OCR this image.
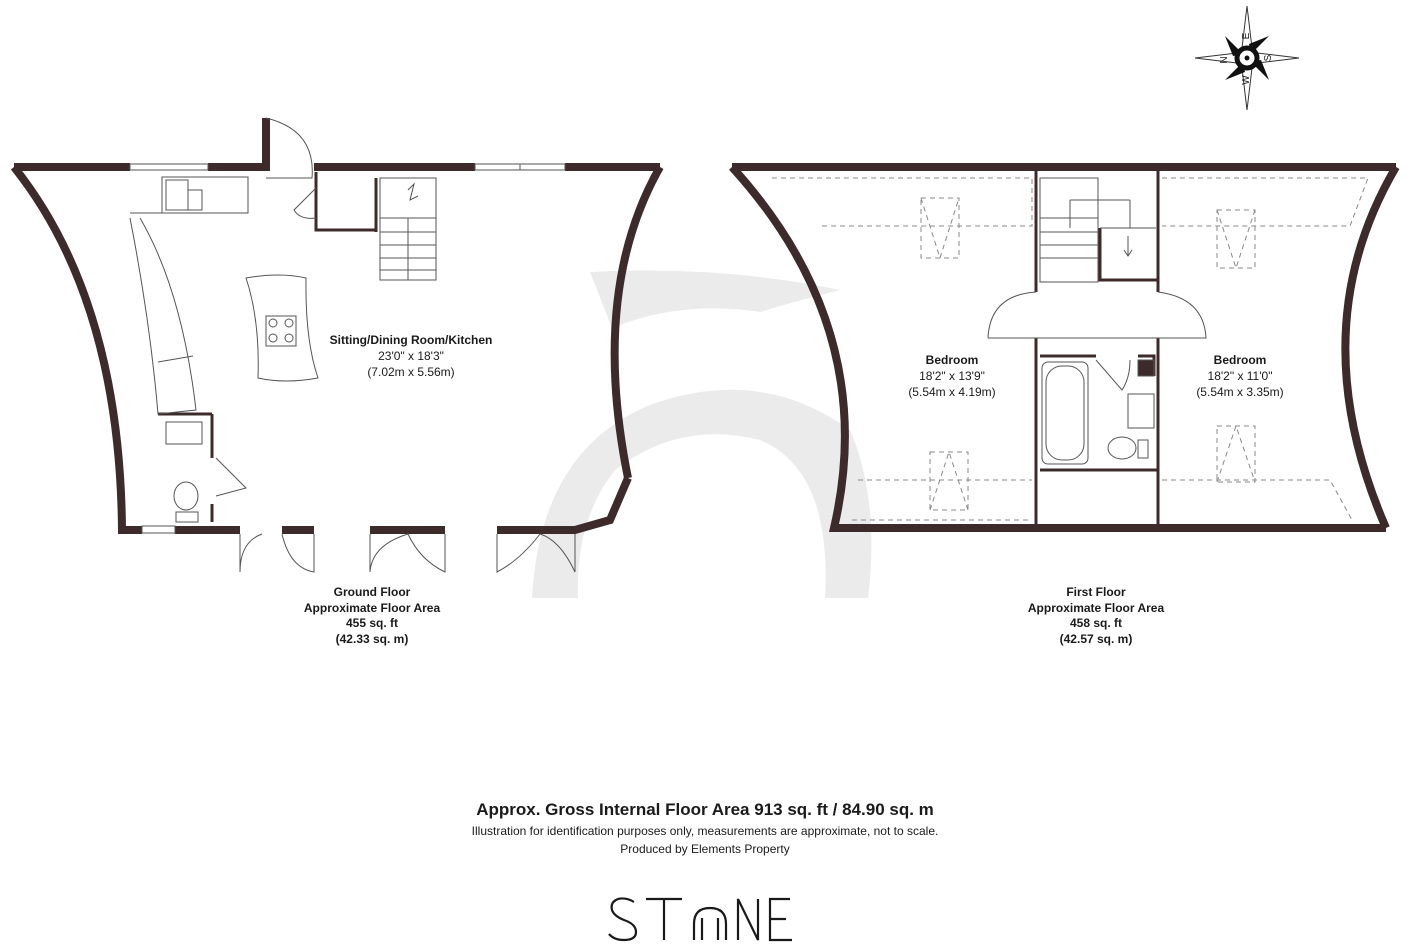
N
E
S
W
Sitting/Dining Room/Kitchen
23'0" x 18'3"
(7.02m x 5.56m)
Bedroom
18'2" x 13'9"
(5.54m x 4.19m)
Bedroom
18'2" x 11'0"
(5.54m x 3.35m)
Ground Floor
Approximate Floor Area
455 sq. ft
(42.33 sq. m)
First Floor
Approximate Floor Area
458 sq. ft
(42.57 sq. m)
Approx. Gross Internal Floor Area 913 sq. ft / 84.90 sq. m
Illustration for identification purposes only, measurements are approximate, not to scale.
Produced by Elements Property
